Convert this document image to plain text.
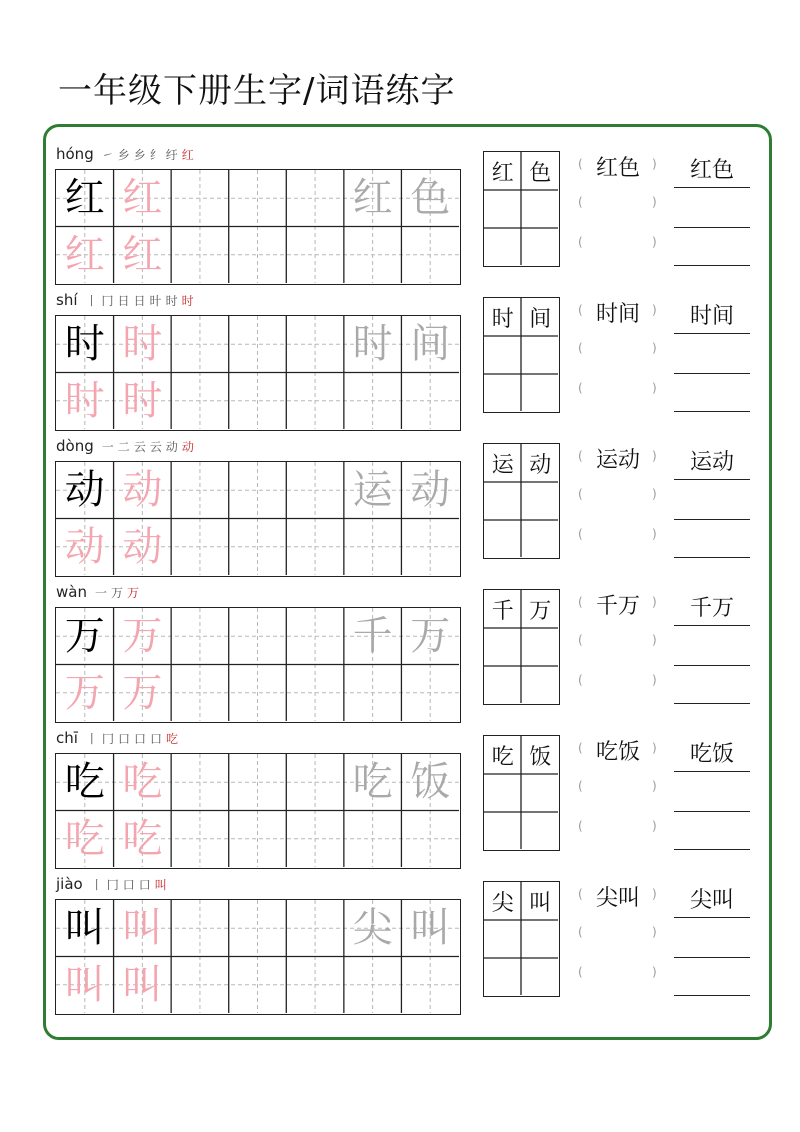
一年级下册生字/词语练字
hóng ㇀ 乡 乡 纟 纡 红
红 红	红 色
红 红
红 色	红色
(	)
(	)
(	)
红色
shí 丨 冂 日 日 旪 时 时
时 时	时 间
时 时
时 间	时间
(	)
(	)
(	)
时间
dòng 一 二 云 云 动 动
动 动	运 动
动 动
运 动	运动
(	)
(	)
(	)
运动
wàn 一 万 万
万 万	千 万
万 万
千 万	千万
(	)
(	)
(	)
千万
chī 丨 冂 口 口 口 吃
吃 吃	吃 饭
吃 吃
吃 饭	吃饭
(	)
(	)
(	)
吃饭
jiào 丨 冂 口 口 叫
叫 叫	尖 叫
叫 叫
尖 叫	尖叫
(	)
(	)
(	)
尖叫
